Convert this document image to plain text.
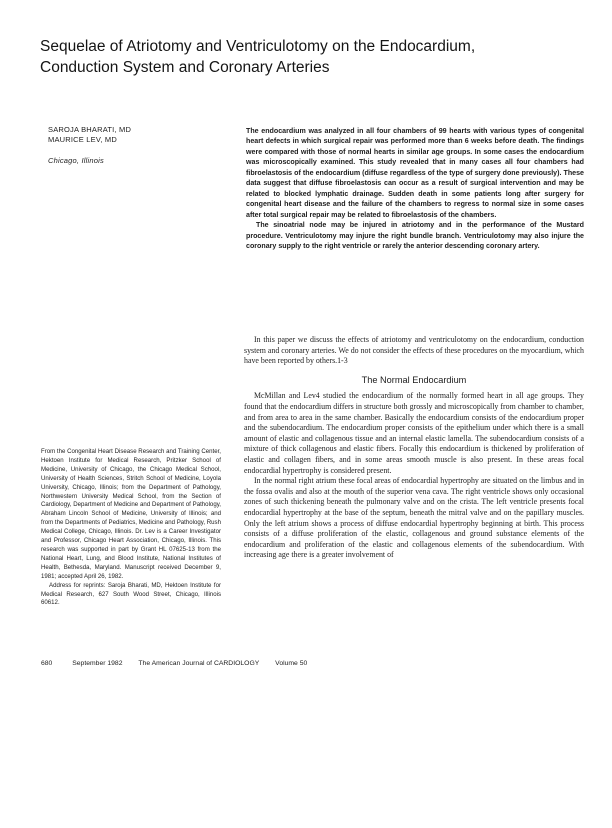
Sequelae of Atriotomy and Ventriculotomy on the Endocardium,
Conduction System and Coronary Arteries
SAROJA BHARATI, MD
MAURICE LEV, MD
Chicago, Illinois

The endocardium was analyzed in all four chambers of 99 hearts with various types of congenital heart defects in which surgical repair was performed more than 6 weeks before death. The findings were compared with those of normal hearts in similar age groups. In some cases the endocardium was microscopically examined. This study revealed that in many cases all four chambers had fibroelastosis of the endocardium (diffuse regardless of the type of surgery done previously). These data suggest that diffuse fibroelastosis can occur as a result of surgical intervention and may be related to blocked lymphatic drainage. Sudden death in some patients long after surgery for congenital heart disease and the failure of the chambers to regress to normal size in some cases after total surgical repair may be related to fibroelastosis of the chambers.

The sinoatrial node may be injured in atriotomy and in the performance of the Mustard procedure. Ventriculotomy may injure the right bundle branch. Ventriculotomy may also injure the coronary supply to the right ventricle or rarely the anterior descending coronary artery.

In this paper we discuss the effects of atriotomy and ventriculotomy on the endocardium, conduction system and coronary arteries. We do not consider the effects of these procedures on the myocardium, which have been reported by others.1-3

The Normal Endocardium

McMillan and Lev4 studied the endocardium of the normally formed heart in all age groups. They found that the endocardium differs in structure both grossly and microscopically from chamber to chamber, and from area to area in the same chamber. Basically the endocardium consists of the endocardium proper and the subendocardium. The endocardium proper consists of the epithelium under which there is a small amount of elastic and collagenous tissue and an internal elastic lamella. The subendocardium consists of a mixture of thick collagenous and elastic fibers. Focally this endocardium is thickened by proliferation of elastic and collagen fibers, and in some areas smooth muscle is also present. In these areas focal endocardial hypertrophy is considered present.

In the normal right atrium these focal areas of endocardial hypertrophy are situated on the limbus and in the fossa ovalis and also at the mouth of the superior vena cava. The right ventricle shows only occasional zones of such thickening beneath the pulmonary valve and on the crista. The left ventricle presents focal endocardial hypertrophy at the base of the septum, beneath the mitral valve and on the papillary muscles. Only the left atrium shows a process of diffuse endocardial hypertrophy beginning at birth. This process consists of a diffuse proliferation of the elastic, collagenous and ground substance elements of the endocardium and proliferation of the elastic and collagenous elements of the subendocardium. With increasing age there is a greater involvement of

From the Congenital Heart Disease Research and Training Center, Hektoen Institute for Medical Research, Pritzker School of Medicine, University of Chicago, the Chicago Medical School, University of Health Sciences, Stritch School of Medicine, Loyola University, Chicago, Illinois; from the Department of Pathology, Northwestern University Medical School, from the Section of Cardiology, Department of Medicine and Department of Pathology, Abraham Lincoln School of Medicine, University of Illinois; and from the Departments of Pediatrics, Medicine and Pathology, Rush Medical College, Chicago, Illinois. Dr. Lev is a Career Investigator and Professor, Chicago Heart Association, Chicago, Illinois. This research was supported in part by Grant HL 07625-13 from the National Heart, Lung, and Blood Institute, National Institutes of Health, Bethesda, Maryland. Manuscript received December 9, 1981; accepted April 26, 1982.

Address for reprints: Saroja Bharati, MD, Hektoen Institute for Medical Research, 627 South Wood Street, Chicago, Illinois 60612.

680	September 1982 The American Journal of CARDIOLOGY Volume 50
